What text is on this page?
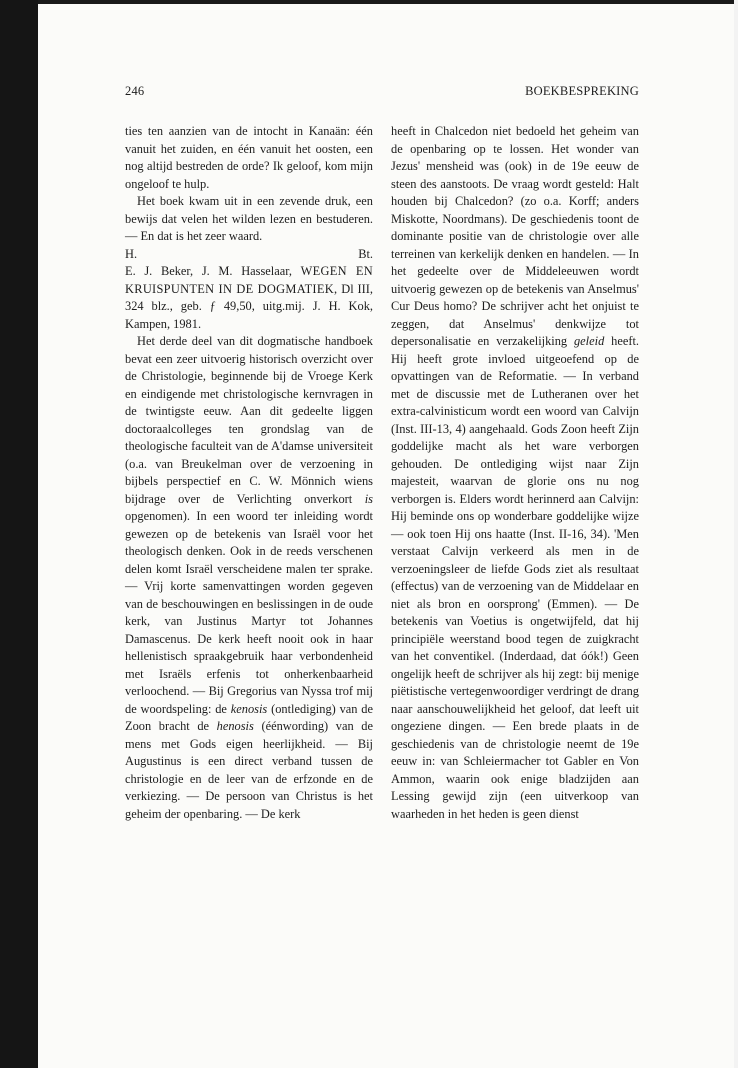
246	BOEKBESPREKING

ties ten aanzien van de intocht in Kanaän: één vanuit het zuiden, en één vanuit het oosten, een nog altijd bestreden de orde? Ik geloof, kom mijn ongeloof te hulp.

Het boek kwam uit in een zevende druk, een bewijs dat velen het wilden lezen en bestuderen. — En dat is het zeer waard.

H.	Bt.

E. J. Beker, J. M. Hasselaar, WEGEN EN KRUISPUNTEN IN DE DOGMATIEK, Dl III, 324 blz., geb. ƒ 49,50, uitg.mij. J. H. Kok, Kampen, 1981.

Het derde deel van dit dogmatische handboek bevat een zeer uitvoerig historisch overzicht over de Christologie, beginnende bij de Vroege Kerk en eindigende met christologische kernvragen in de twintigste eeuw. Aan dit gedeelte liggen doctoraalcolleges ten grondslag van de theologische faculteit van de A'damse universiteit (o.a. van Breukelman over de verzoening in bijbels perspectief en C. W. Mönnich wiens bijdrage over de Verlichting onverkort is opgenomen). In een woord ter inleiding wordt gewezen op de betekenis van Israël voor het theologisch denken. Ook in de reeds verschenen delen komt Israël verscheidene malen ter sprake. — Vrij korte samenvattingen worden gegeven van de beschouwingen en beslissingen in de oude kerk, van Justinus Martyr tot Johannes Damascenus. De kerk heeft nooit ook in haar hellenistisch spraakgebruik haar verbondenheid met Israëls erfenis tot onherkenbaarheid verloochend. — Bij Gregorius van Nyssa trof mij de woordspeling: de kenosis (ontlediging) van de Zoon bracht de henosis (éénwording) van de mens met Gods eigen heerlijkheid. — Bij Augustinus is een direct verband tussen de christologie en de leer van de erfzonde en de verkiezing. — De persoon van Christus is het geheim der openbaring. — De kerk

heeft in Chalcedon niet bedoeld het geheim van de openbaring op te lossen. Het wonder van Jezus' mensheid was (ook) in de 19e eeuw de steen des aanstoots. De vraag wordt gesteld: Halt houden bij Chalcedon? (zo o.a. Korff; anders Miskotte, Noordmans). De geschiedenis toont de dominante positie van de christologie over alle terreinen van kerkelijk denken en handelen. — In het gedeelte over de Middeleeuwen wordt uitvoerig gewezen op de betekenis van Anselmus' Cur Deus homo? De schrijver acht het onjuist te zeggen, dat Anselmus' denkwijze tot depersonalisatie en verzakelijking geleid heeft. Hij heeft grote invloed uitgeoefend op de opvattingen van de Reformatie. — In verband met de discussie met de Lutheranen over het extra-calvinisticum wordt een woord van Calvijn (Inst. III-13, 4) aangehaald. Gods Zoon heeft Zijn goddelijke macht als het ware verborgen gehouden. De ontlediging wijst naar Zijn majesteit, waarvan de glorie ons nu nog verborgen is. Elders wordt herinnerd aan Calvijn: Hij beminde ons op wonderbare goddelijke wijze — ook toen Hij ons haatte (Inst. II-16, 34). 'Men verstaat Calvijn verkeerd als men in de verzoeningsleer de liefde Gods ziet als resultaat (effectus) van de verzoening van de Middelaar en niet als bron en oorsprong' (Emmen). — De betekenis van Voetius is ongetwijfeld, dat hij principiële weerstand bood tegen de zuigkracht van het conventikel. (Inderdaad, dat óók!) Geen ongelijk heeft de schrijver als hij zegt: bij menige piëtistische vertegenwoordiger verdringt de drang naar aanschouwelijkheid het geloof, dat leeft uit ongeziene dingen. — Een brede plaats in de geschiedenis van de christologie neemt de 19e eeuw in: van Schleiermacher tot Gabler en Von Ammon, waarin ook enige bladzijden aan Lessing gewijd zijn (een uitverkoop van waarheden in het heden is geen dienst
